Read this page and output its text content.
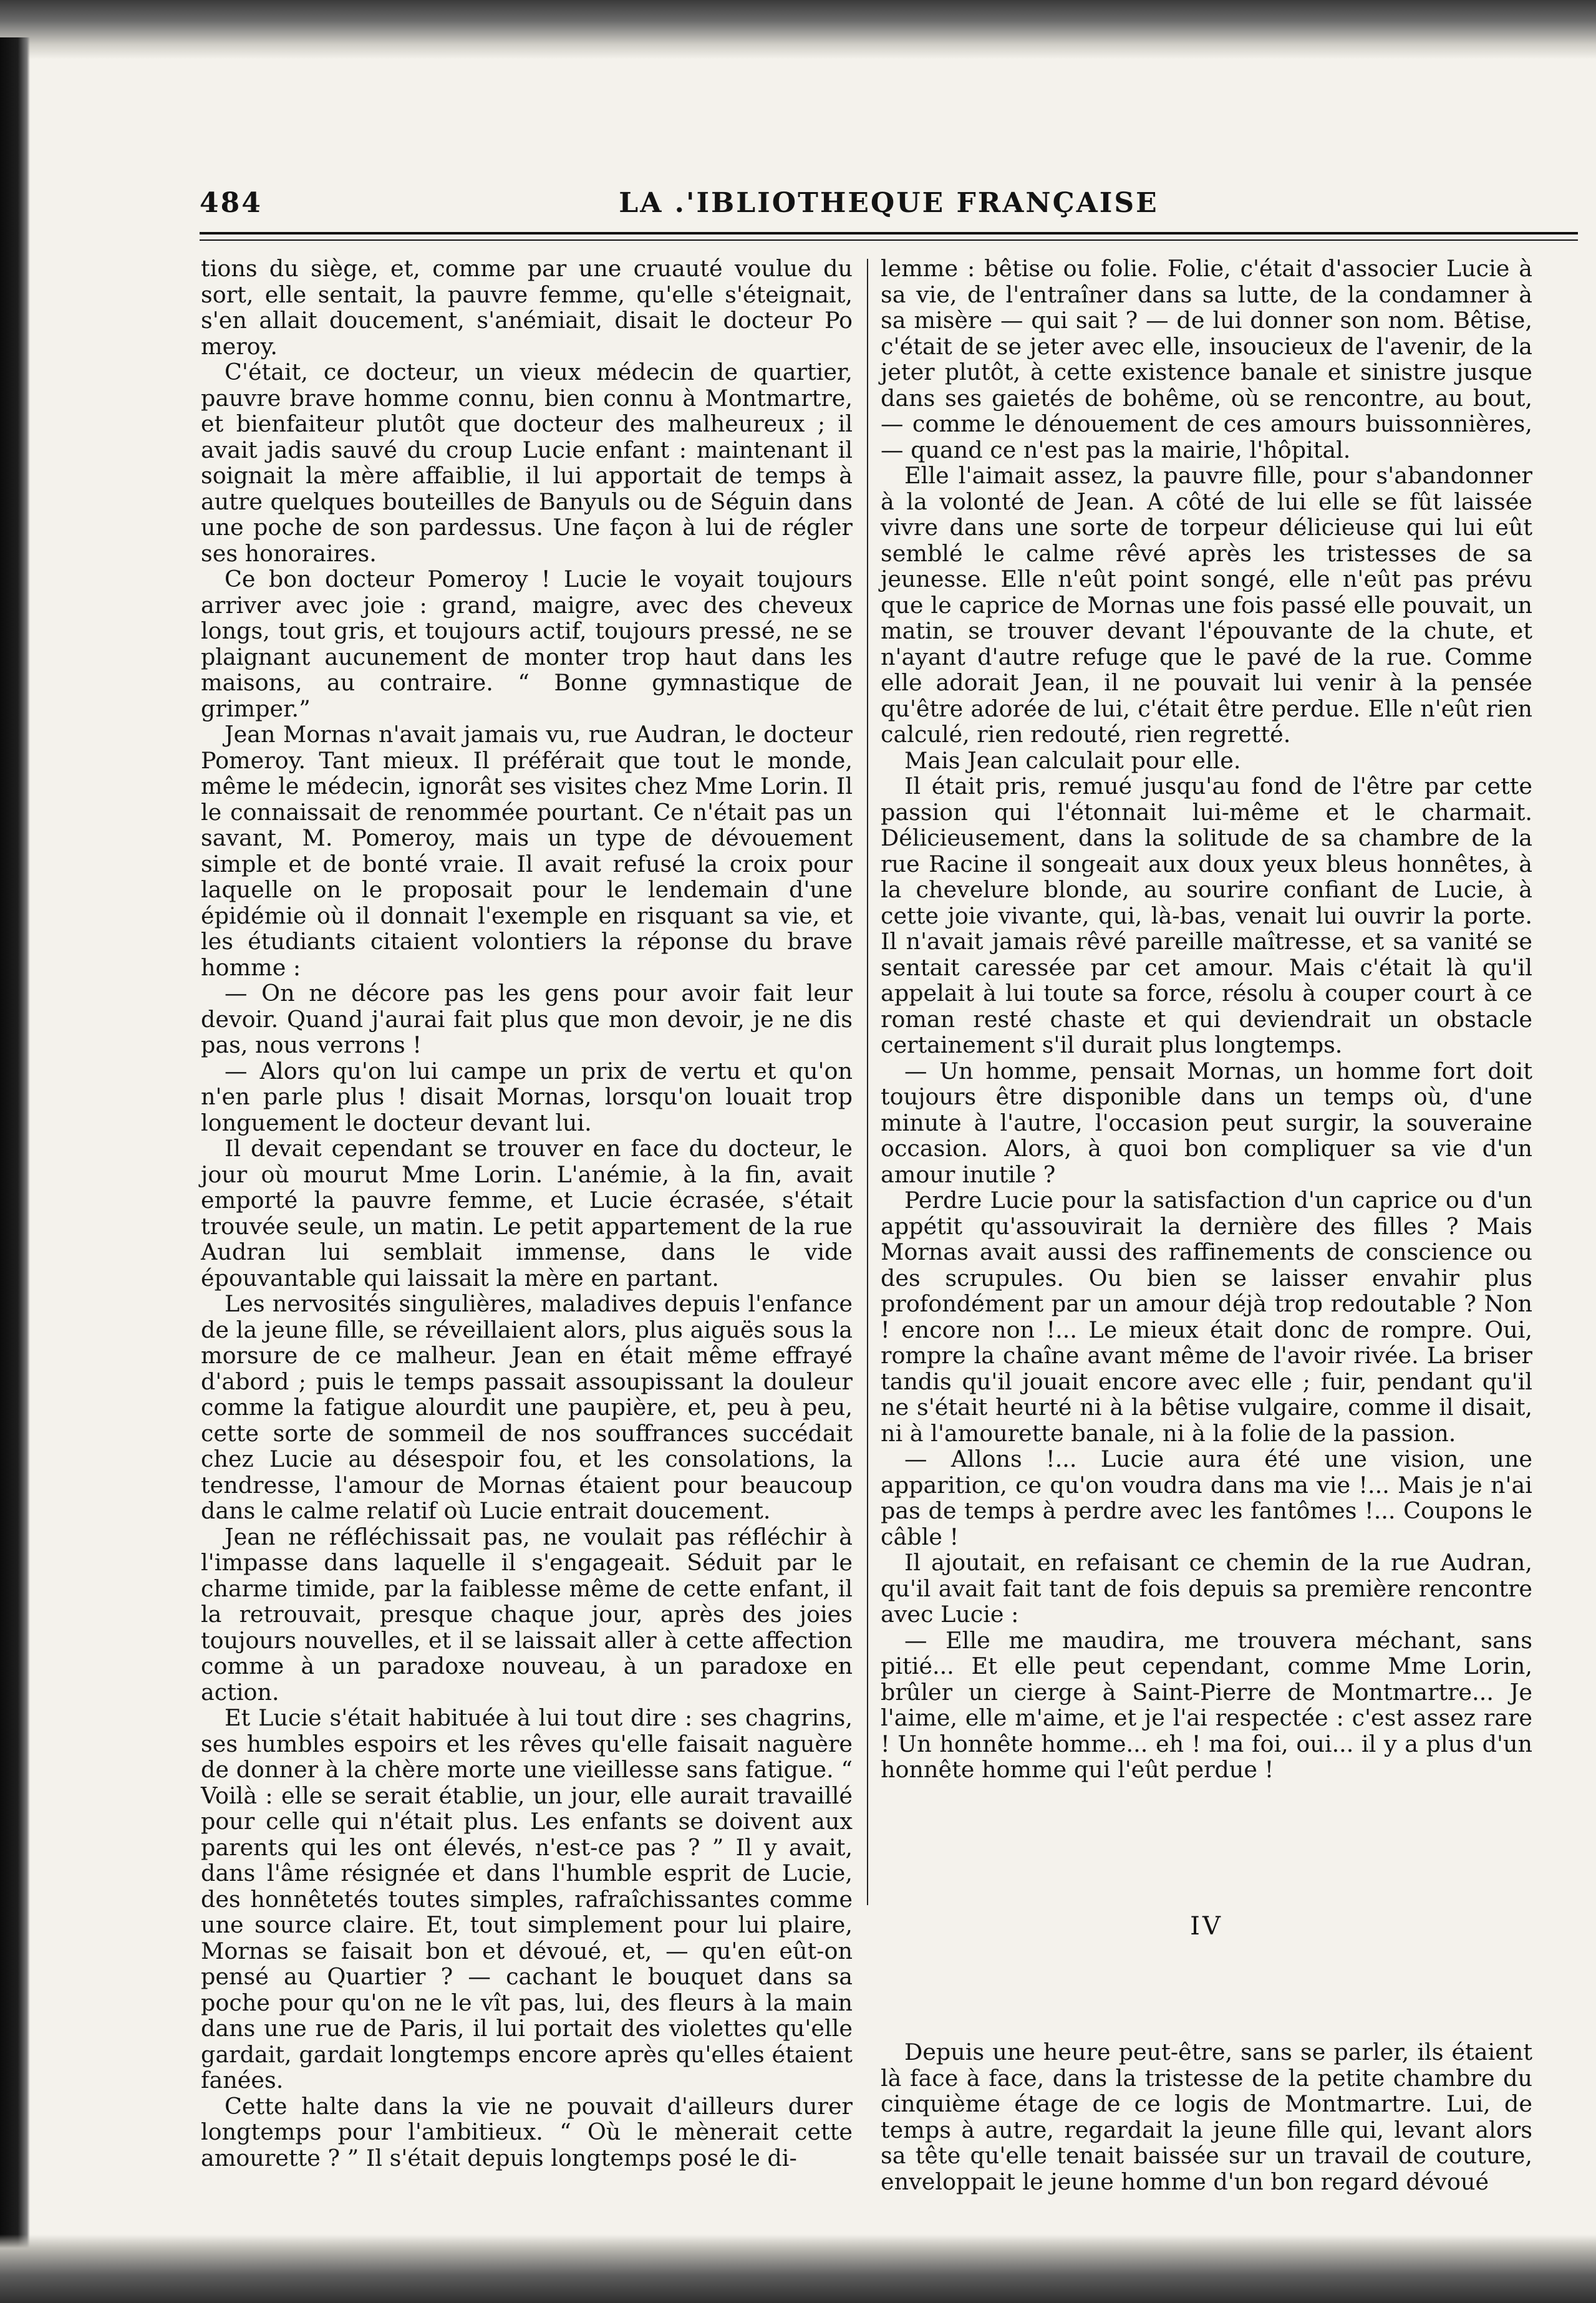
484	LA .'IBLIOTHEQUE FRANÇAISE

tions du siège, et, comme par une cruauté voulue du sort, elle sentait, la pauvre femme, qu'elle s'éteignait, s'en allait doucement, s'anémiait, disait le docteur Po meroy.

C'était, ce docteur, un vieux médecin de quartier, pauvre brave homme connu, bien connu à Montmartre, et bienfaiteur plutôt que docteur des malheureux ; il avait jadis sauvé du croup Lucie enfant : maintenant il soignait la mère affaiblie, il lui apportait de temps à autre quelques bouteilles de Banyuls ou de Séguin dans une poche de son pardessus. Une façon à lui de régler ses honoraires.

Ce bon docteur Pomeroy ! Lucie le voyait toujours arriver avec joie : grand, maigre, avec des cheveux longs, tout gris, et toujours actif, toujours pressé, ne se plaignant aucunement de monter trop haut dans les maisons, au contraire. “ Bonne gymnastique de grimper.”

Jean Mornas n'avait jamais vu, rue Audran, le docteur Pomeroy. Tant mieux. Il préférait que tout le monde, même le médecin, ignorât ses visites chez Mme Lorin. Il le connaissait de renommée pourtant. Ce n'était pas un savant, M. Pomeroy, mais un type de dévouement simple et de bonté vraie. Il avait refusé la croix pour laquelle on le proposait pour le lendemain d'une épidémie où il donnait l'exemple en risquant sa vie, et les étudiants citaient volontiers la réponse du brave homme :

— On ne décore pas les gens pour avoir fait leur devoir. Quand j'aurai fait plus que mon devoir, je ne dis pas, nous verrons !

— Alors qu'on lui campe un prix de vertu et qu'on n'en parle plus ! disait Mornas, lorsqu'on louait trop longuement le docteur devant lui.

Il devait cependant se trouver en face du docteur, le jour où mourut Mme Lorin. L'anémie, à la fin, avait emporté la pauvre femme, et Lucie écrasée, s'était trouvée seule, un matin. Le petit appartement de la rue Audran lui semblait immense, dans le vide épouvantable qui laissait la mère en partant.

Les nervosités singulières, maladives depuis l'enfance de la jeune fille, se réveillaient alors, plus aiguës sous la morsure de ce malheur. Jean en était même effrayé d'abord ; puis le temps passait assoupissant la douleur comme la fatigue alourdit une paupière, et, peu à peu, cette sorte de sommeil de nos souffrances succédait chez Lucie au désespoir fou, et les consolations, la tendresse, l'amour de Mornas étaient pour beaucoup dans le calme relatif où Lucie entrait doucement.

Jean ne réfléchissait pas, ne voulait pas réfléchir à l'impasse dans laquelle il s'engageait. Séduit par le charme timide, par la faiblesse même de cette enfant, il la retrouvait, presque chaque jour, après des joies toujours nouvelles, et il se laissait aller à cette affection comme à un paradoxe nouveau, à un paradoxe en action.

Et Lucie s'était habituée à lui tout dire : ses chagrins, ses humbles espoirs et les rêves qu'elle faisait naguère de donner à la chère morte une vieillesse sans fatigue. “ Voilà : elle se serait établie, un jour, elle aurait travaillé pour celle qui n'était plus. Les enfants se doivent aux parents qui les ont élevés, n'est-ce pas ? ” Il y avait, dans l'âme résignée et dans l'humble esprit de Lucie, des honnêtetés toutes simples, rafraîchissantes comme une source claire. Et, tout simplement pour lui plaire, Mornas se faisait bon et dévoué, et, — qu'en eût-on pensé au Quartier ? — cachant le bouquet dans sa poche pour qu'on ne le vît pas, lui, des fleurs à la main dans une rue de Paris, il lui portait des violettes qu'elle gardait, gardait longtemps encore après qu'elles étaient fanées.

Cette halte dans la vie ne pouvait d'ailleurs durer longtemps pour l'ambitieux. “ Où le mènerait cette amourette ? ” Il s'était depuis longtemps posé le di-

lemme : bêtise ou folie. Folie, c'était d'associer Lucie à sa vie, de l'entraîner dans sa lutte, de la condamner à sa misère — qui sait ? — de lui donner son nom. Bêtise, c'était de se jeter avec elle, insoucieux de l'avenir, de la jeter plutôt, à cette existence banale et sinistre jusque dans ses gaietés de bohême, où se rencontre, au bout, — comme le dénouement de ces amours buissonnières, — quand ce n'est pas la mairie, l'hôpital.

Elle l'aimait assez, la pauvre fille, pour s'abandonner à la volonté de Jean. A côté de lui elle se fût laissée vivre dans une sorte de torpeur délicieuse qui lui eût semblé le calme rêvé après les tristesses de sa jeunesse. Elle n'eût point songé, elle n'eût pas prévu que le caprice de Mornas une fois passé elle pouvait, un matin, se trouver devant l'épouvante de la chute, et n'ayant d'autre refuge que le pavé de la rue. Comme elle adorait Jean, il ne pouvait lui venir à la pensée qu'être adorée de lui, c'était être perdue. Elle n'eût rien calculé, rien redouté, rien regretté.

Mais Jean calculait pour elle.

Il était pris, remué jusqu'au fond de l'être par cette passion qui l'étonnait lui-même et le charmait. Délicieusement, dans la solitude de sa chambre de la rue Racine il songeait aux doux yeux bleus honnêtes, à la chevelure blonde, au sourire confiant de Lucie, à cette joie vivante, qui, là-bas, venait lui ouvrir la porte. Il n'avait jamais rêvé pareille maîtresse, et sa vanité se sentait caressée par cet amour. Mais c'était là qu'il appelait à lui toute sa force, résolu à couper court à ce roman resté chaste et qui deviendrait un obstacle certainement s'il durait plus longtemps.

— Un homme, pensait Mornas, un homme fort doit toujours être disponible dans un temps où, d'une minute à l'autre, l'occasion peut surgir, la souveraine occasion. Alors, à quoi bon compliquer sa vie d'un amour inutile ?

Perdre Lucie pour la satisfaction d'un caprice ou d'un appétit qu'assouvirait la dernière des filles ? Mais Mornas avait aussi des raffinements de conscience ou des scrupules. Ou bien se laisser envahir plus profondément par un amour déjà trop redoutable ? Non ! encore non !... Le mieux était donc de rompre. Oui, rompre la chaîne avant même de l'avoir rivée. La briser tandis qu'il jouait encore avec elle ; fuir, pendant qu'il ne s'était heurté ni à la bêtise vulgaire, comme il disait, ni à l'amourette banale, ni à la folie de la passion.

— Allons !... Lucie aura été une vision, une apparition, ce qu'on voudra dans ma vie !... Mais je n'ai pas de temps à perdre avec les fantômes !... Coupons le câble !

Il ajoutait, en refaisant ce chemin de la rue Audran, qu'il avait fait tant de fois depuis sa première rencontre avec Lucie :

— Elle me maudira, me trouvera méchant, sans pitié... Et elle peut cependant, comme Mme Lorin, brûler un cierge à Saint-Pierre de Montmartre... Je l'aime, elle m'aime, et je l'ai respectée : c'est assez rare ! Un honnête homme... eh ! ma foi, oui... il y a plus d'un honnête homme qui l'eût perdue !

IV

Depuis une heure peut-être, sans se parler, ils étaient là face à face, dans la tristesse de la petite chambre du cinquième étage de ce logis de Montmartre. Lui, de temps à autre, regardait la jeune fille qui, levant alors sa tête qu'elle tenait baissée sur un travail de couture, enveloppait le jeune homme d'un bon regard dévoué
